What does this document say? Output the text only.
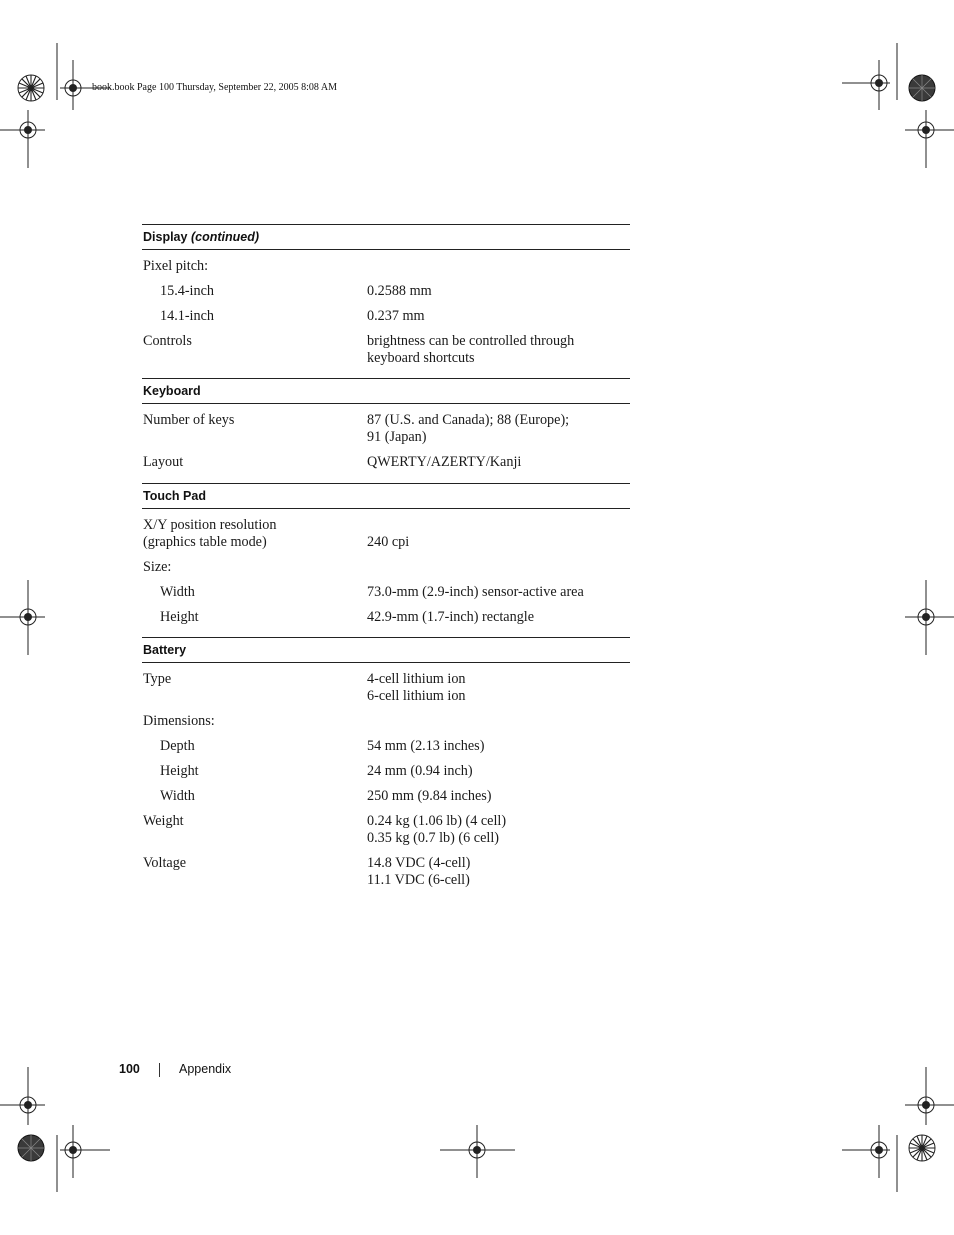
book.book Page 100 Thursday, September 22, 2005 8:08 AM
Display (continued)
Pixel pitch:
15.4-inch	0.2588 mm
14.1-inch	0.237 mm
Controls	brightness can be controlled through
keyboard shortcuts
Keyboard
Number of keys	87 (U.S. and Canada); 88 (Europe);
91 (Japan)
Layout	QWERTY/AZERTY/Kanji
Touch Pad
X/Y position resolution
(graphics table mode)	240 cpi
Size:
Width	73.0-mm (2.9-inch) sensor-active area
Height	42.9-mm (1.7-inch) rectangle
Battery
Type	4-cell lithium ion
6-cell lithium ion
Dimensions:
Depth	54 mm (2.13 inches)
Height	24 mm (0.94 inch)
Width	250 mm (9.84 inches)
Weight	0.24 kg (1.06 lb) (4 cell)
0.35 kg (0.7 lb) (6 cell)
Voltage	14.8 VDC (4-cell)
11.1 VDC (6-cell)
100	Appendix
